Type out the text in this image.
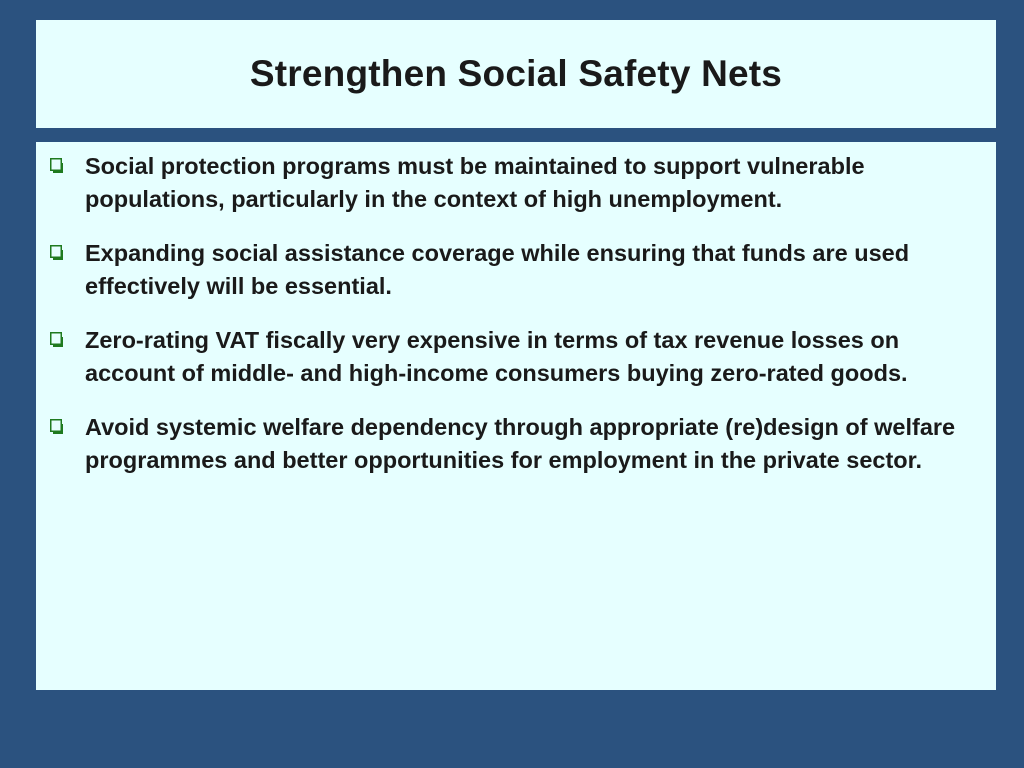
Strengthen Social Safety Nets
Social protection programs must be maintained to support vulnerable populations, particularly in the context of high unemployment.
Expanding social assistance coverage while ensuring that funds are used effectively will be essential.
Zero-rating VAT fiscally very expensive in terms of tax revenue losses on account of middle- and high-income consumers buying zero-rated goods.
Avoid systemic welfare dependency through appropriate (re)design of welfare programmes and better opportunities for employment in the private sector.
